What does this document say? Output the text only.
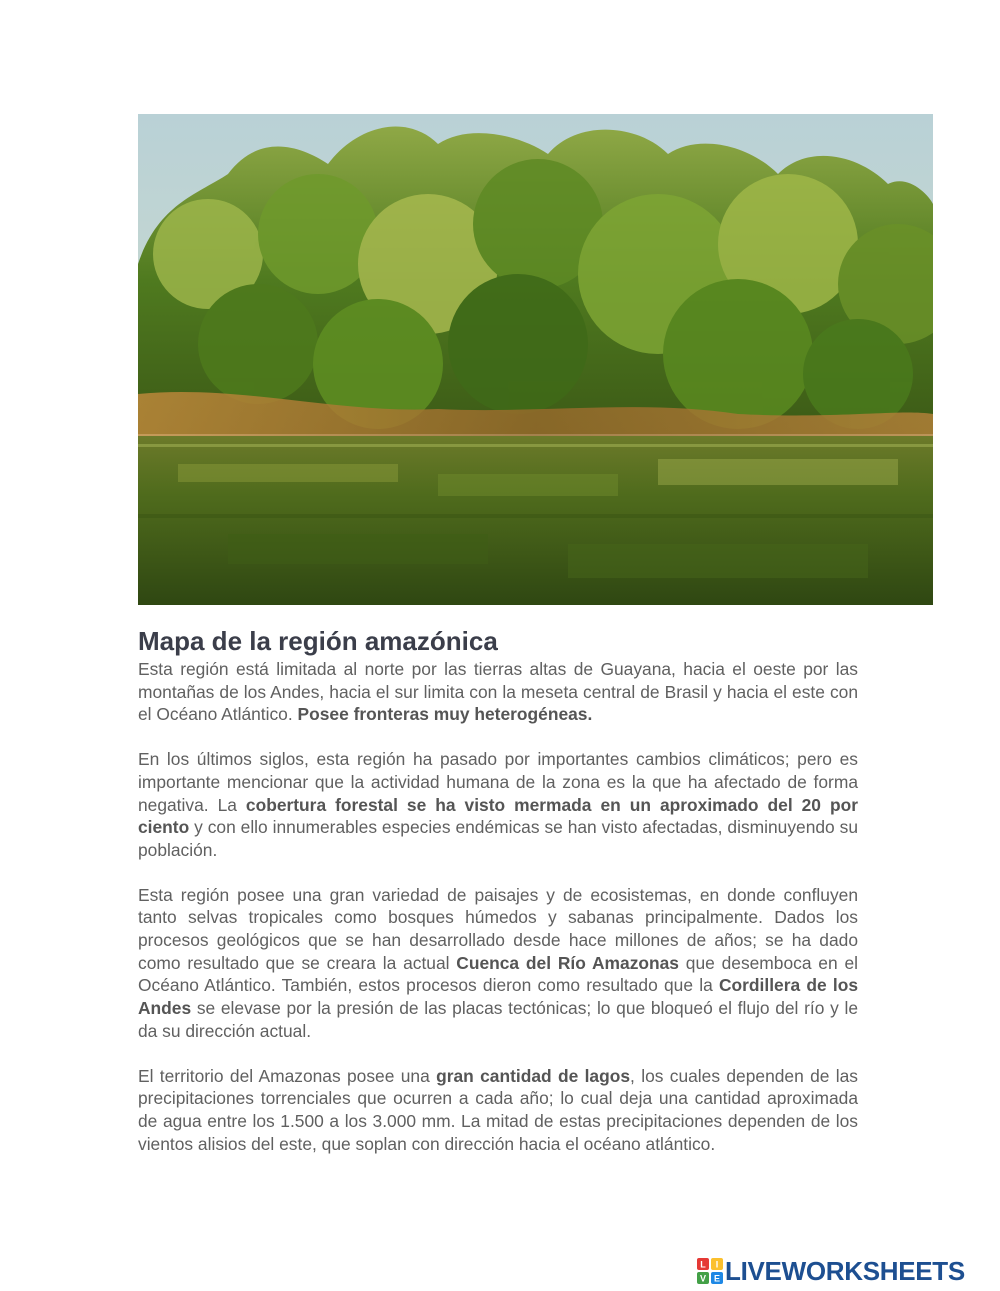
Mapa de la región amazónica

Esta región está limitada al norte por las tierras altas de Guayana, hacia el oeste por las montañas de los Andes, hacia el sur limita con la meseta central de Brasil y hacia el este con el Océano Atlántico. Posee fronteras muy heterogéneas.

En los últimos siglos, esta región ha pasado por importantes cambios climáticos; pero es importante mencionar que la actividad humana de la zona es la que ha afectado de forma negativa. La cobertura forestal se ha visto mermada en un aproximado del 20 por ciento y con ello innumerables especies endémicas se han visto afectadas, disminuyendo su población.

Esta región posee una gran variedad de paisajes y de ecosistemas, en donde confluyen tanto selvas tropicales como bosques húmedos y sabanas principalmente. Dados los procesos geológicos que se han desarrollado desde hace millones de años; se ha dado como resultado que se creara la actual Cuenca del Río Amazonas que desemboca en el Océano Atlántico. También, estos procesos dieron como resultado que la Cordillera de los Andes se elevase por la presión de las placas tectónicas; lo que bloqueó el flujo del río y le da su dirección actual.

El territorio del Amazonas posee una gran cantidad de lagos, los cuales dependen de las precipitaciones torrenciales que ocurren a cada año; lo cual deja una cantidad aproximada de agua entre los 1.500 a los 3.000 mm. La mitad de estas precipitaciones dependen de los vientos alisios del este, que soplan con dirección hacia el océano atlántico.

L I
V E LIVEWORKSHEETS
